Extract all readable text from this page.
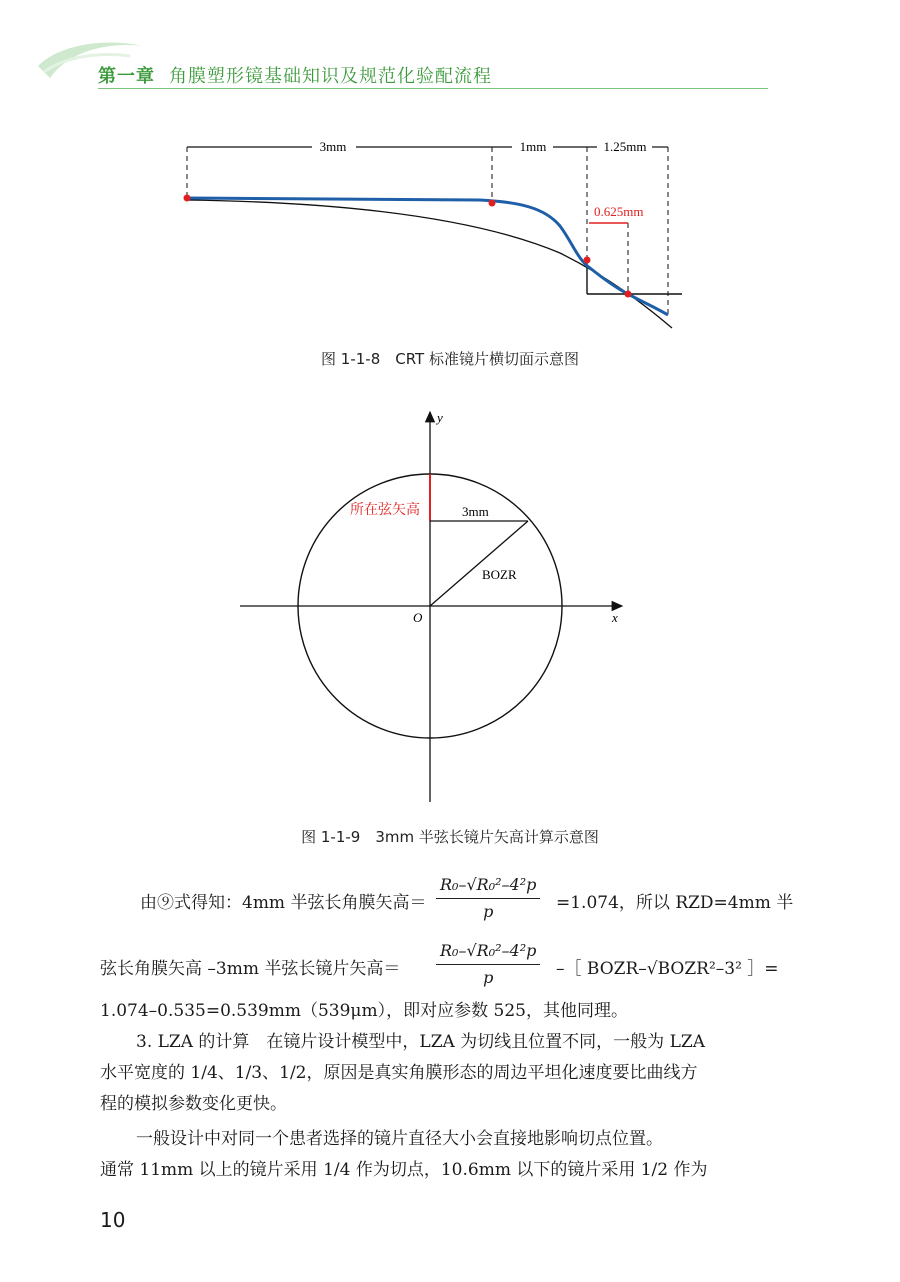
第一章 角膜塑形镜基础知识及规范化验配流程
3mm	1mm	1.25mm
0.625mm
图 1-1-8　CRT 标准镜片横切面示意图
y
x
O
所在弦矢高	3mm
BOZR
图 1-1-9　3mm 半弦长镜片矢高计算示意图
由⑨式得知：4mm 半弦长角膜矢高＝ $\frac{\text{R₀–√R₀²–4²p}}{p} =1.074$，所以 RZD=4mm 半
弦长角膜矢高 –3mm 半弦长镜片矢高＝ $\frac{\text{R₀–√R₀²–4²p}}{p}$ –［ BOZR–√BOZR²–3² ］=
1.074–0.535=0.539mm（539μm），即对应参数 525，其他同理。
3. LZA 的计算　在镜片设计模型中，LZA 为切线且位置不同，一般为 LZA
水平宽度的 1/4、1/3、1/2，原因是真实角膜形态的周边平坦化速度要比曲线方
程的模拟参数变化更快。
一般设计中对同一个患者选择的镜片直径大小会直接地影响切点位置。
通常 11mm 以上的镜片采用 1/4 作为切点，10.6mm 以下的镜片采用 1/2 作为
10
